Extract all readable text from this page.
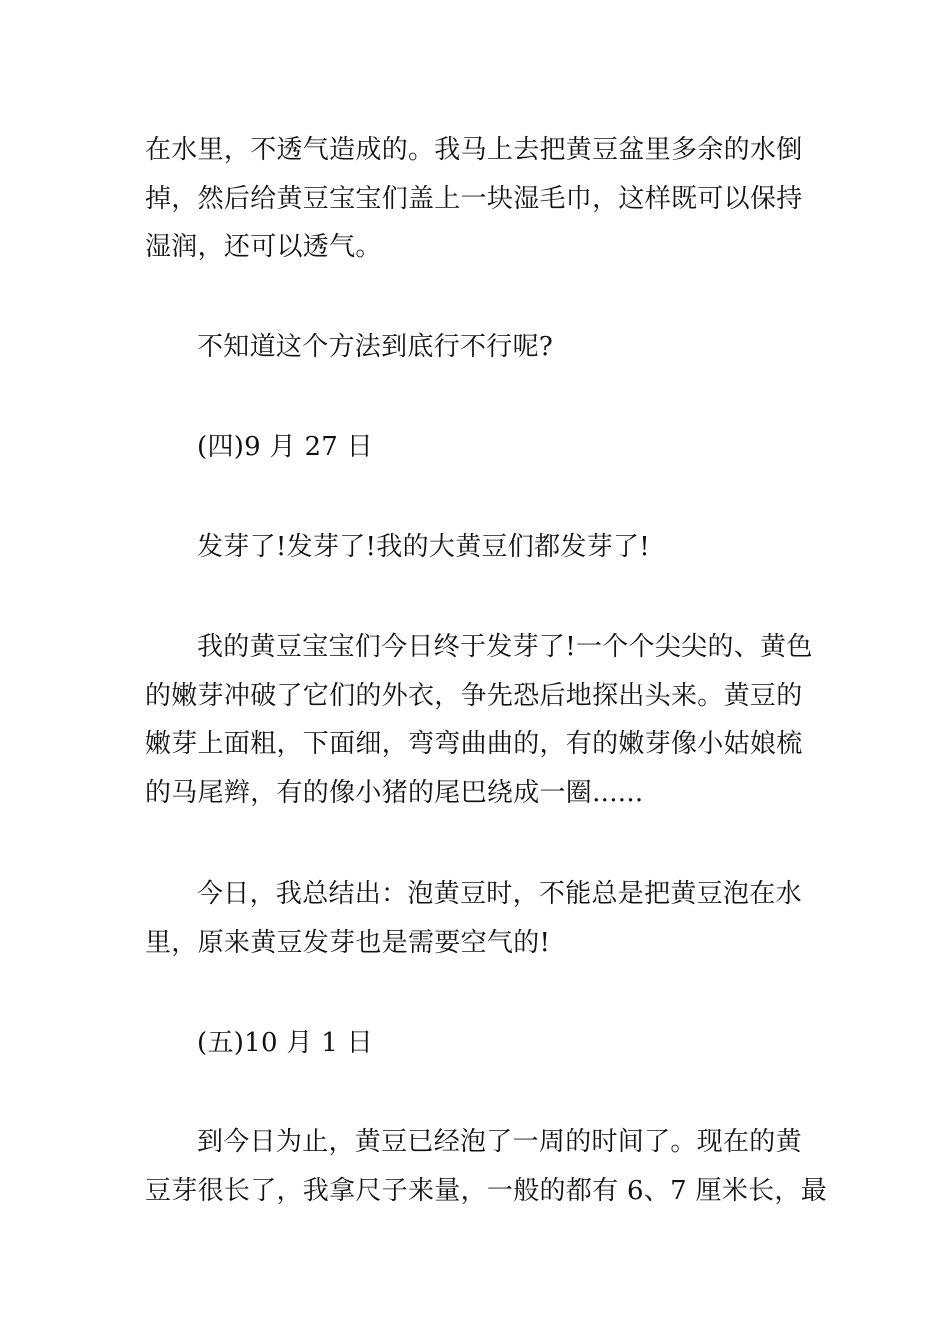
在水里，不透气造成的。我马上去把黄豆盆里多余的水倒
掉，然后给黄豆宝宝们盖上一块湿毛巾，这样既可以保持
湿润，还可以透气。

不知道这个方法到底行不行呢?

(四)9 月 27 日

发芽了!发芽了!我的大黄豆们都发芽了!

我的黄豆宝宝们今日终于发芽了!一个个尖尖的、黄色
的嫩芽冲破了它们的外衣，争先恐后地探出头来。黄豆的
嫩芽上面粗，下面细，弯弯曲曲的，有的嫩芽像小姑娘梳
的马尾辫，有的像小猪的尾巴绕成一圈......

今日，我总结出：泡黄豆时，不能总是把黄豆泡在水
里，原来黄豆发芽也是需要空气的!

(五)10 月 1 日

到今日为止，黄豆已经泡了一周的时间了。现在的黄
豆芽很长了，我拿尺子来量，一般的都有 6、7 厘米长，最
